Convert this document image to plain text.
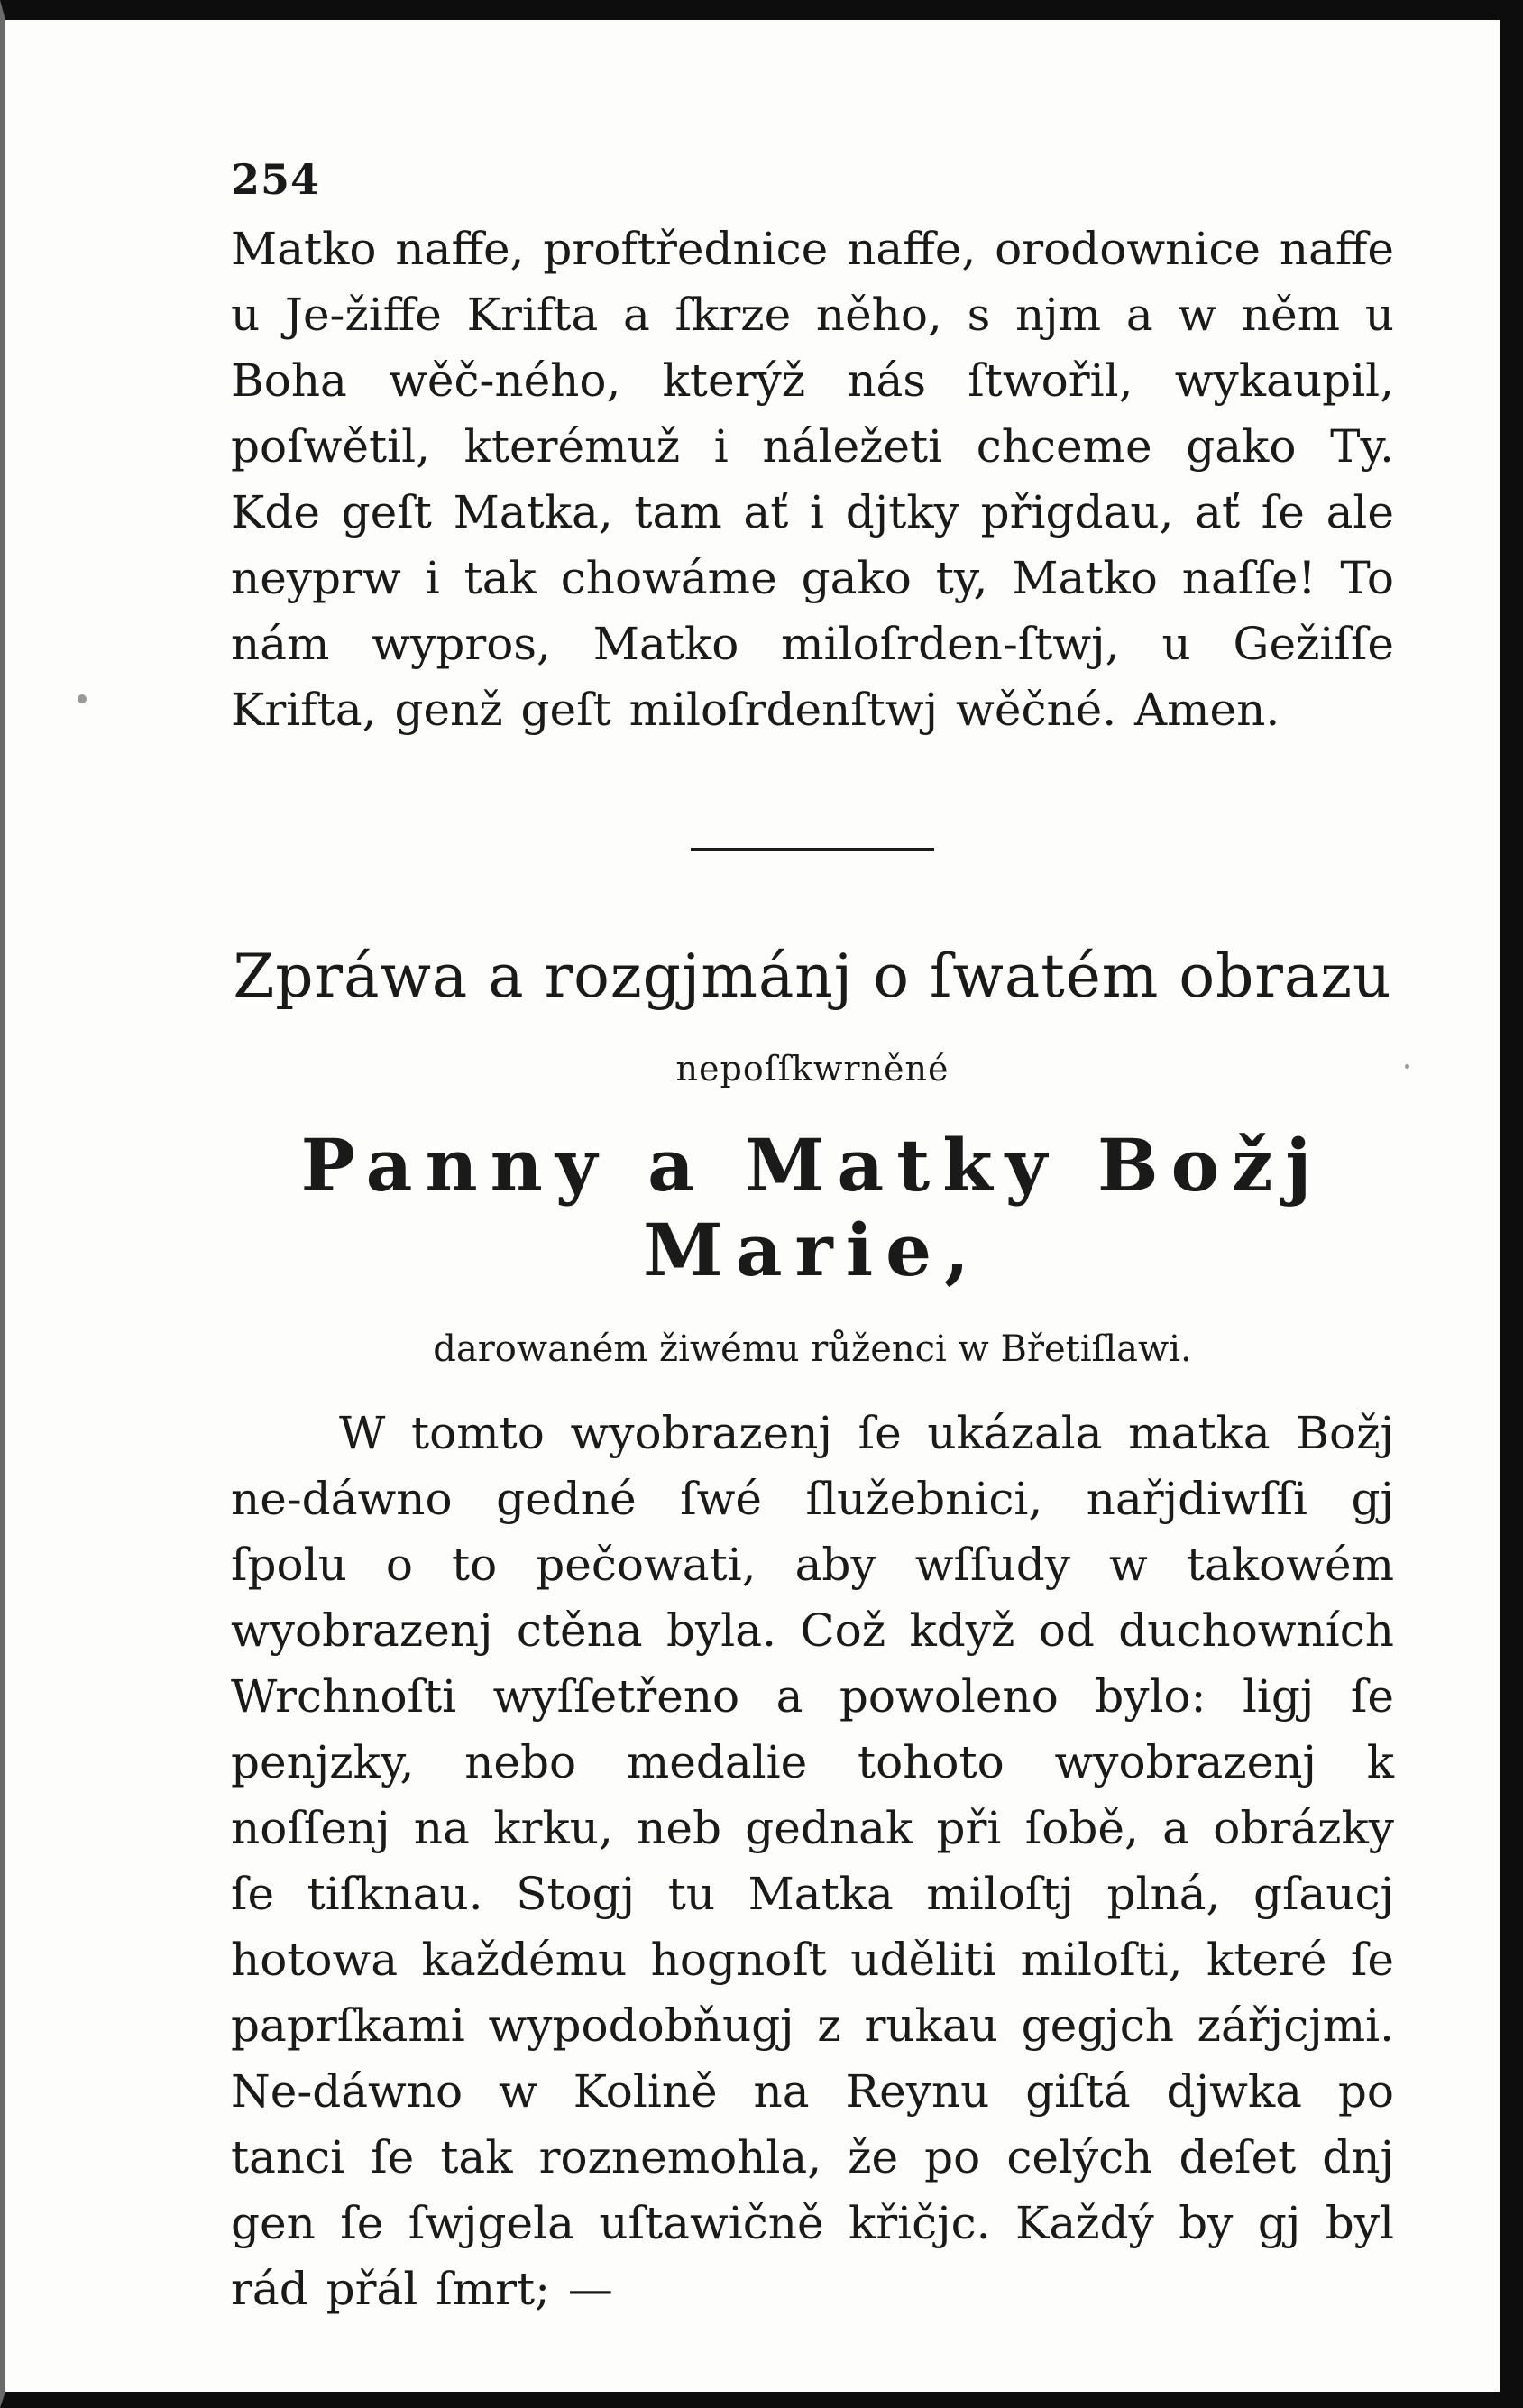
254

Matko naffe, proftřednice naffe, orodownice naffe u Je-žiffe Krifta a ſkrze něho, s njm a w něm u Boha wěč-ného, kterýž nás ſtwořil, wykaupil, poſwětil, kterémuž i náležeti chceme gako Ty. Kde geſt Matka, tam ať i djtky přigdau, ať ſe ale neyprw i tak chowáme gako ty, Matko naſſe! To nám wypros, Matko miloſrden-ſtwj, u Gežiſſe Krifta, genž geſt miloſrdenſtwj wěčné. Amen.

Zpráwa a rozgjmánj o ſwatém obrazu
nepoſſkwrněné
Panny a Matky Božj Marie,
darowaném žiwému růženci w Břetiſlawi.

W tomto wyobrazenj ſe ukázala matka Božj ne-dáwno gedné ſwé ſlužebnici, nařjdiwſſi gj ſpolu o to pečowati, aby wſſudy w takowém wyobrazenj ctěna byla. Což když od duchowních Wrchnoſti wyſſetřeno a powoleno bylo: ligj ſe penjzky, nebo medalie tohoto wyobrazenj k noſſenj na krku, neb gednak při ſobě, a obrázky ſe tiſknau. Stogj tu Matka miloſtj plná, gſaucj hotowa každému hognoſt uděliti miloſti, které ſe paprſkami wypodobňugj z rukau gegjch zářjcjmi. Ne-dáwno w Kolině na Reynu giſtá djwka po tanci ſe tak roznemohla, že po celých deſet dnj gen ſe ſwjgela uſtawičně křičjc. Každý by gj byl rád přál ſmrt; —
